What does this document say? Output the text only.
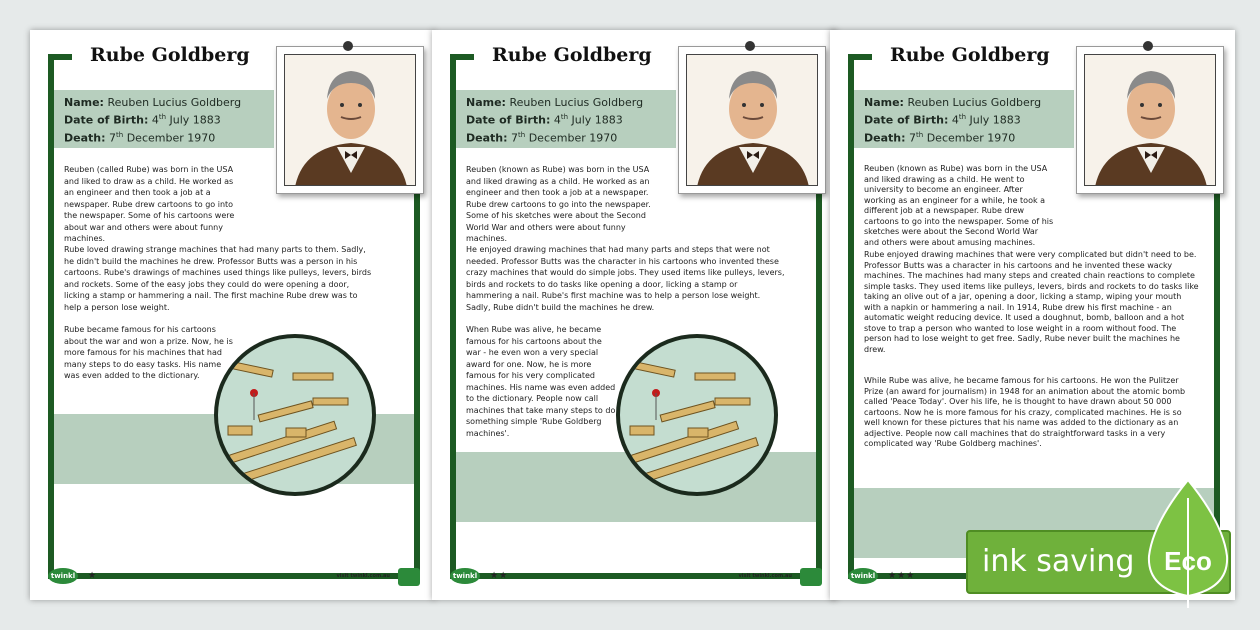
Rube Goldberg
Name: Reuben Lucius Goldberg
Date of Birth: 4th July 1883
Death: 7th December 1970

Reuben (called Rube) was born in the USA and liked to draw as a child. He worked as an engineer and then took a job at a newspaper. Rube drew cartoons to go into the newspaper. Some of his cartoons were about war and others were about funny machines.

Rube loved drawing strange machines that had many parts to them. Sadly, he didn't build the machines he drew. Professor Butts was a person in his cartoons. Rube's drawings of machines used things like pulleys, levers, birds and rockets. Some of the easy jobs they could do were opening a door, licking a stamp or hammering a nail. The first machine Rube drew was to help a person lose weight.

Rube became famous for his cartoons about the war and won a prize. Now, he is more famous for his machines that had many steps to do easy tasks. His name was even added to the dictionary.

twinkl	★	visit twinkl.com.au
Rube Goldberg
Name: Reuben Lucius Goldberg
Date of Birth: 4th July 1883
Death: 7th December 1970

Reuben (known as Rube) was born in the USA and liked drawing as a child. He worked as an engineer and then took a job at a newspaper. Rube drew cartoons to go into the newspaper. Some of his sketches were about the Second World War and others were about funny machines.

He enjoyed drawing machines that had many parts and steps that were not needed. Professor Butts was the character in his cartoons who invented these crazy machines that would do simple jobs. They used items like pulleys, levers, birds and rockets to do tasks like opening a door, licking a stamp or hammering a nail. Rube's first machine was to help a person lose weight. Sadly, Rube didn't build the machines he drew.

When Rube was alive, he became famous for his cartoons about the war - he even won a very special award for one. Now, he is more famous for his very complicated machines. His name was even added to the dictionary. People now call machines that take many steps to do something simple 'Rube Goldberg machines'.

twinkl	★★	visit twinkl.com.au
Rube Goldberg
Name: Reuben Lucius Goldberg
Date of Birth: 4th July 1883
Death: 7th December 1970

Reuben (known as Rube) was born in the USA and liked drawing as a child. He went to university to become an engineer. After working as an engineer for a while, he took a different job at a newspaper. Rube drew cartoons to go into the newspaper. Some of his sketches were about the Second World War and others were about amusing machines.

Rube enjoyed drawing machines that were very complicated but didn't need to be. Professor Butts was a character in his cartoons and he invented these wacky machines. The machines had many steps and created chain reactions to complete simple tasks. They used items like pulleys, levers, birds and rockets to do tasks like taking an olive out of a jar, opening a door, licking a stamp, wiping your mouth with a napkin or hammering a nail. In 1914, Rube drew his first machine - an automatic weight reducing device. It used a doughnut, bomb, balloon and a hot stove to trap a person who wanted to lose weight in a room without food. The person had to lose weight to get free. Sadly, Rube never built the machines he drew.

While Rube was alive, he became famous for his cartoons. He won the Pulitzer Prize (an award for journalism) in 1948 for an animation about the atomic bomb called 'Peace Today'. Over his life, he is thought to have drawn about 50 000 cartoons. Now he is more famous for his crazy, complicated machines. He is so well known for these pictures that his name was added to the dictionary as an adjective. People now call machines that do straightforward tasks in a very complicated way 'Rube Goldberg machines'.

twinkl	★★★ ink saving Eco
